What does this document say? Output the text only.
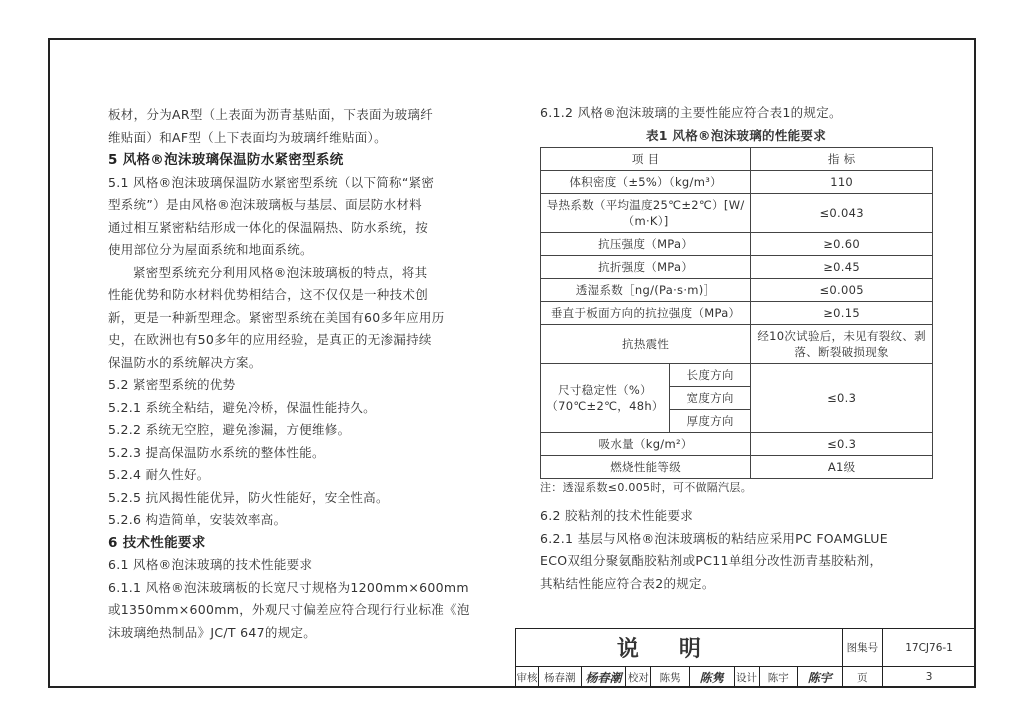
板材，分为AR型（上表面为沥青基贴面，下表面为玻璃纤

维贴面）和AF型（上下表面均为玻璃纤维贴面）。

5 风格®泡沫玻璃保温防水紧密型系统

5.1 风格®泡沫玻璃保温防水紧密型系统（以下简称“紧密

型系统”）是由风格®泡沫玻璃板与基层、面层防水材料

通过相互紧密粘结形成一体化的保温隔热、防水系统，按

使用部位分为屋面系统和地面系统。

紧密型系统充分利用风格®泡沫玻璃板的特点，将其

性能优势和防水材料优势相结合，这不仅仅是一种技术创

新，更是一种新型理念。紧密型系统在美国有60多年应用历

史，在欧洲也有50多年的应用经验，是真正的无渗漏持续

保温防水的系统解决方案。

5.2 紧密型系统的优势

5.2.1 系统全粘结，避免冷桥，保温性能持久。

5.2.2 系统无空腔，避免渗漏，方便维修。

5.2.3 提高保温防水系统的整体性能。

5.2.4 耐久性好。

5.2.5 抗风揭性能优异，防火性能好，安全性高。

5.2.6 构造简单，安装效率高。

6 技术性能要求

6.1 风格®泡沫玻璃的技术性能要求

6.1.1 风格®泡沫玻璃板的长宽尺寸规格为1200mm×600mm

或1350mm×600mm，外观尺寸偏差应符合现行行业标准《泡

沫玻璃绝热制品》JC/T 647的规定。

6.1.2 风格®泡沫玻璃的主要性能应符合表1的规定。

表1 风格®泡沫玻璃的性能要求

项 目		指 标
体积密度（±5%）（kg/m³）		110
导热系数（平均温度25℃±2℃）[W/（m·K）]		≤0.043
抗压强度（MPa）		≥0.60
抗折强度（MPa）		≥0.45
透湿系数［ng/(Pa·s·m)］		≤0.005
垂直于板面方向的抗拉强度（MPa）		≥0.15
抗热震性		经10次试验后，未见有裂纹、剥落、断裂破损现象
尺寸稳定性（%）
（70℃±2℃，48h）	长度方向	≤0.3
	宽度方向	
	厚度方向	
吸水量（kg/m²）		≤0.3
燃烧性能等级		A1级

注：透湿系数≤0.005时，可不做隔汽层。

6.2 胶粘剂的技术性能要求

6.2.1 基层与风格®泡沫玻璃板的粘结应采用PC FOAMGLUE

ECO双组分聚氨酯胶粘剂或PC11单组分改性沥青基胶粘剂，

其粘结性能应符合表2的规定。

说明									图集号	17CJ76-1
审核	杨春潮	杨春潮	校对	陈隽	陈隽	设计	陈宇	陈宇	页	3
